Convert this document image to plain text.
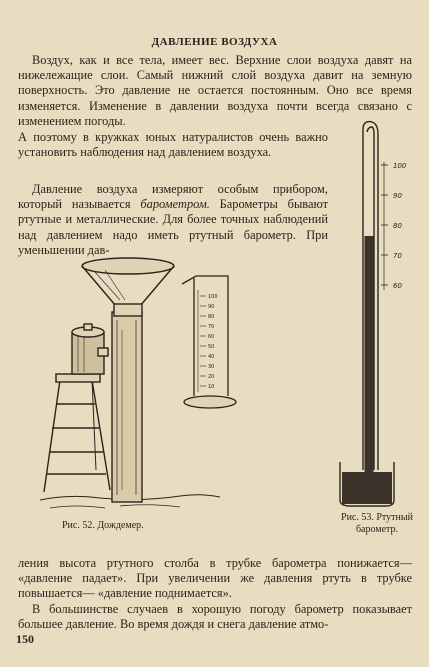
ДАВЛЕНИЕ ВОЗДУХА

Воздух, как и все тела, имеет вес. Верхние слои воздуха давят на нижележащие слои. Самый нижний слой воздуха давит на земную поверхность. Это давление не остается постоянным. Оно все время изменяется. Изменение в давлении воздуха почти всегда связано с изменением погоды.

А поэтому в кружках юных натуралистов очень важно установить наблюдения над давлением воздуха.

Давление воздуха измеряют особым прибором, который называется барометром. Барометры бывают ртутные и металлические. Для более точных наблюдений над давлением надо иметь ртутный барометр. При уменьшении дав-

100
90
80
70
60
50
40
30
20
10
100
90
80
70
60
Рис. 52. Дождемер.
Рис. 53. Ртутный барометр.

ления высота ртутного столба в трубке барометра понижается— «давление падает». При увеличении же давления ртуть в трубке повышается— «давление поднимается».

В большинстве случаев в хорошую погоду барометр показывает большее давление. Во время дождя и снега давление атмо-

150
